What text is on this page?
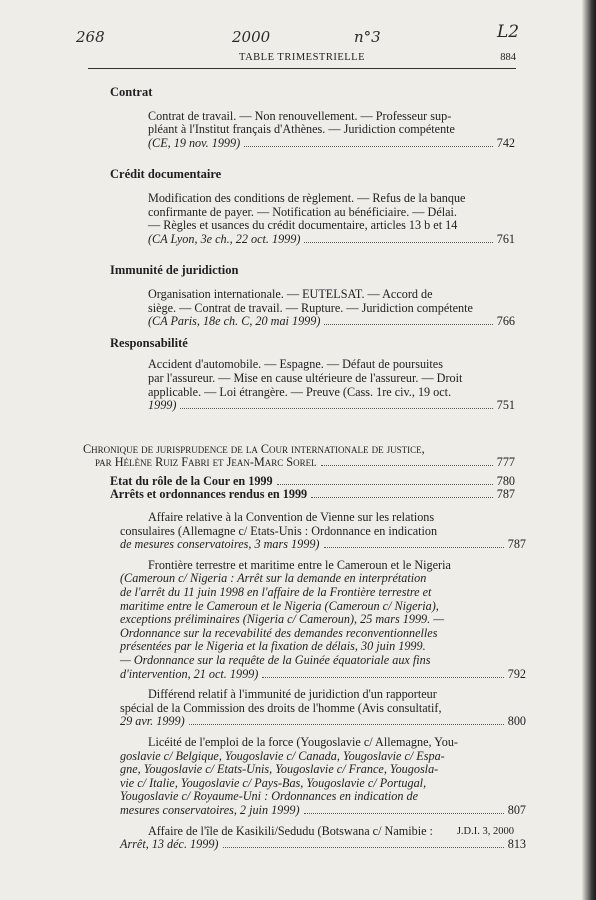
268	2000	n°3	L2
TABLE TRIMESTRIELLE	884
Contrat
Contrat de travail. — Non renouvellement. — Professeur sup-
pléant à l'Institut français d'Athènes. — Juridiction compétente
(CE, 19 nov. 1999)	742
Crédit documentaire
Modification des conditions de règlement. — Refus de la banque
confirmante de payer. — Notification au bénéficiaire. — Délai.
— Règles et usances du crédit documentaire, articles 13 b et 14
(CA Lyon, 3e ch., 22 oct. 1999)	761
Immunité de juridiction
Organisation internationale. — EUTELSAT. — Accord de
siège. — Contrat de travail. — Rupture. — Juridiction compétente
(CA Paris, 18e ch. C, 20 mai 1999)	766
Responsabilité
Accident d'automobile. — Espagne. — Défaut de poursuites
par l'assureur. — Mise en cause ultérieure de l'assureur. — Droit
applicable. — Loi étrangère. — Preuve (Cass. 1re civ., 19 oct.
1999)	751
Chronique de jurisprudence de la Cour internationale de justice,
par Hélène Ruiz Fabri et Jean-Marc Sorel	777
Etat du rôle de la Cour en 1999	780
Arrêts et ordonnances rendus en 1999	787
Affaire relative à la Convention de Vienne sur les relations
consulaires (Allemagne c/ Etats-Unis : Ordonnance en indication
de mesures conservatoires, 3 mars 1999)	787
Frontière terrestre et maritime entre le Cameroun et le Nigeria
(Cameroun c/ Nigeria : Arrêt sur la demande en interprétation
de l'arrêt du 11 juin 1998 en l'affaire de la Frontière terrestre et
maritime entre le Cameroun et le Nigeria (Cameroun c/ Nigeria),
exceptions préliminaires (Nigeria c/ Cameroun), 25 mars 1999. —
Ordonnance sur la recevabilité des demandes reconventionnelles
présentées par le Nigeria et la fixation de délais, 30 juin 1999.
— Ordonnance sur la requête de la Guinée équatoriale aux fins
d'intervention, 21 oct. 1999)	792
Différend relatif à l'immunité de juridiction d'un rapporteur
spécial de la Commission des droits de l'homme (Avis consultatif,
29 avr. 1999)	800
Licéité de l'emploi de la force (Yougoslavie c/ Allemagne, You-
goslavie c/ Belgique, Yougoslavie c/ Canada, Yougoslavie c/ Espa-
gne, Yougoslavie c/ Etats-Unis, Yougoslavie c/ France, Yougosla-
vie c/ Italie, Yougoslavie c/ Pays-Bas, Yougoslavie c/ Portugal,
Yougoslavie c/ Royaume-Uni : Ordonnances en indication de
mesures conservatoires, 2 juin 1999)	807
Affaire de l'île de Kasikili/Sedudu (Botswana c/ Namibie :
Arrêt, 13 déc. 1999)	813
J.D.I. 3, 2000
